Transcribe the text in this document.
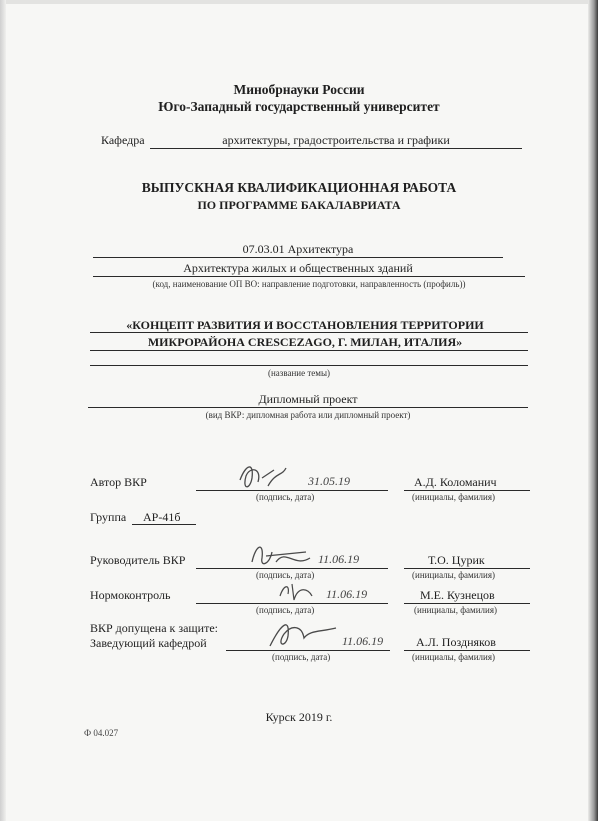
Минобрнауки России
Юго-Западный государственный университет
Кафедра	архитектуры, градостроительства и графики
ВЫПУСКНАЯ КВАЛИФИКАЦИОННАЯ РАБОТА
ПО ПРОГРАММЕ БАКАЛАВРИАТА
07.03.01 Архитектура
Архитектура жилых и общественных зданий
(код, наименование ОП ВО: направление подготовки, направленность (профиль))
«КОНЦЕПТ РАЗВИТИЯ И ВОССТАНОВЛЕНИЯ ТЕРРИТОРИИ
МИКРОРАЙОНА CRESCEZAGO, Г. МИЛАН, ИТАЛИЯ»
(название темы)
Дипломный проект
(вид ВКР: дипломная работа или дипломный проект)
Автор ВКР
(подпись, дата)
А.Д. Коломанич
(инициалы, фамилия)
31.05.19
Группа АР-41б
Руководитель ВКР
(подпись, дата)
Т.О. Цурик
(инициалы, фамилия)
11.06.19
Нормоконтроль
(подпись, дата)
М.Е. Кузнецов
(инициалы, фамилия)
11.06.19
ВКР допущена к защите:
Заведующий кафедрой
(подпись, дата)
А.Л. Поздняков
(инициалы, фамилия)
11.06.19
Курск 2019 г.
Ф 04.027
